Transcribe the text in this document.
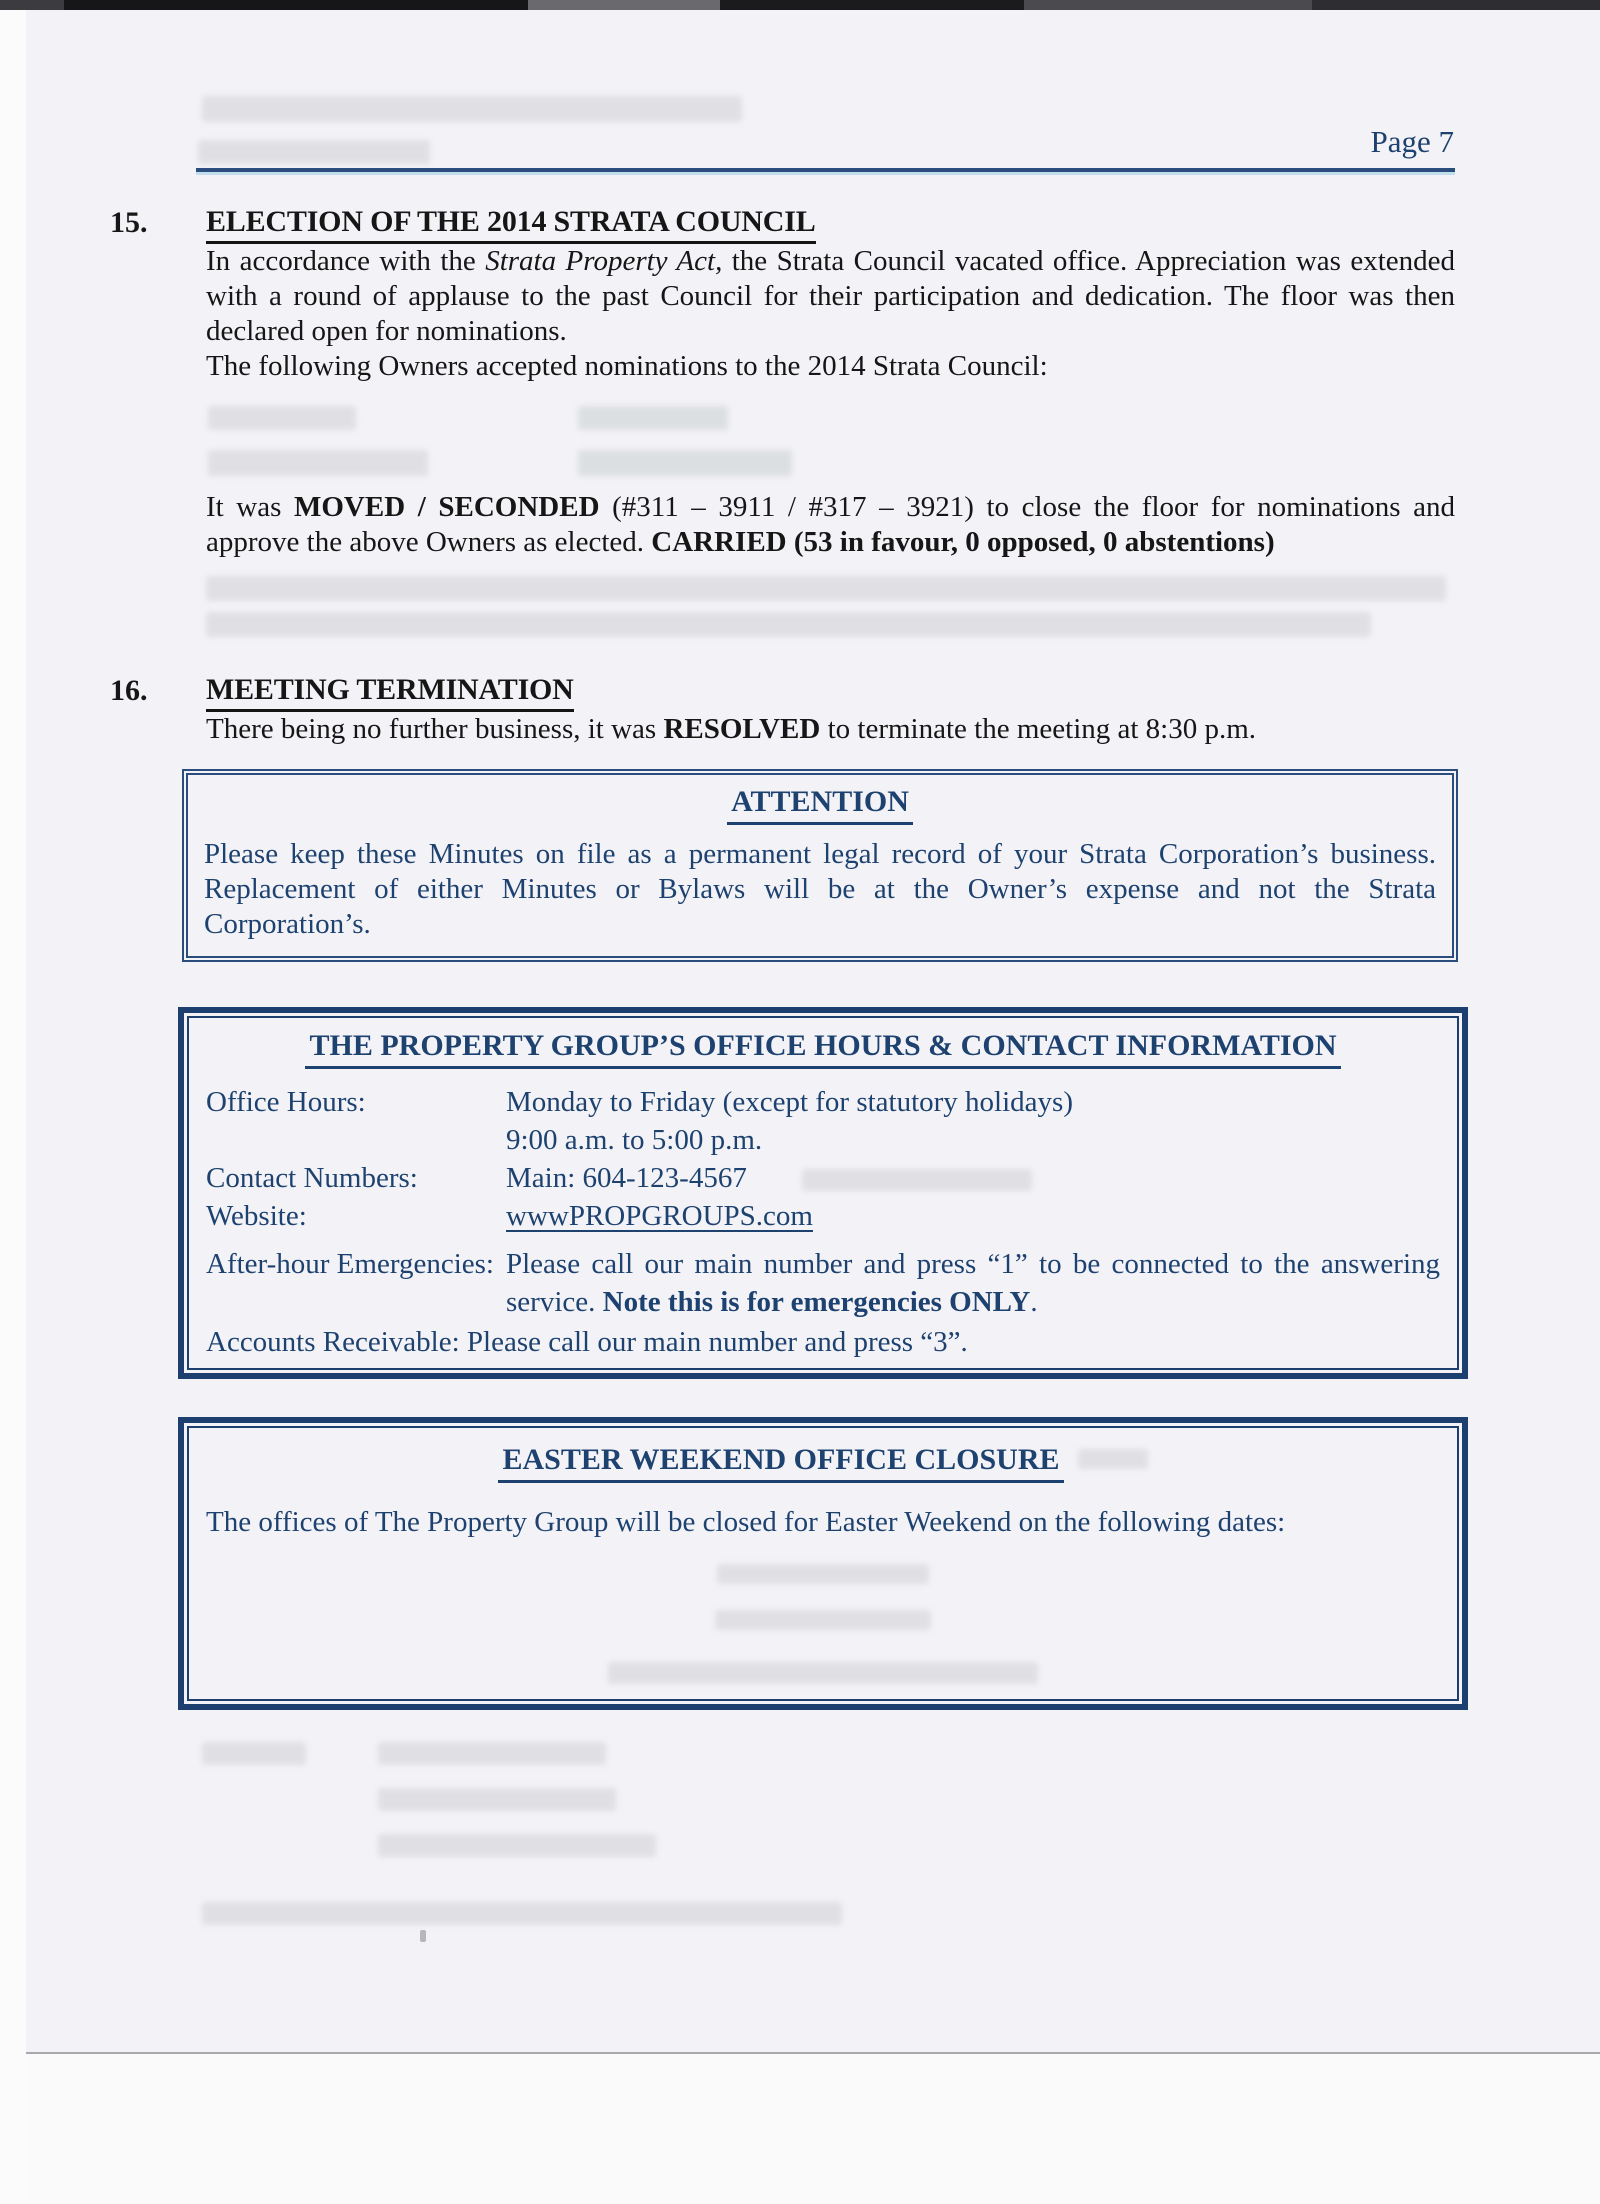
Page 7
15.	ELECTION OF THE 2014 STRATA COUNCIL

In accordance with the Strata Property Act, the Strata Council vacated office. Appreciation was extended with a round of applause to the past Council for their participation and dedication. The floor was then declared open for nominations.

The following Owners accepted nominations to the 2014 Strata Council:

It was MOVED / SECONDED (#311 – 3911 / #317 – 3921) to close the floor for nominations and approve the above Owners as elected. CARRIED (53 in favour, 0 opposed, 0 abstentions)

16.	MEETING TERMINATION

There being no further business, it was RESOLVED to terminate the meeting at 8:30 p.m.

ATTENTION

Please keep these Minutes on file as a permanent legal record of your Strata Corporation’s business. Replacement of either Minutes or Bylaws will be at the Owner’s expense and not the Strata Corporation’s.

THE PROPERTY GROUP’S OFFICE HOURS & CONTACT INFORMATION
Office Hours:	Monday to Friday (except for statutory holidays)
9:00 a.m. to 5:00 p.m.
Contact Numbers:	Main: 604-123-4567
Website:	wwwPROPGROUPS.com
After-hour Emergencies: Please call our main number and press “1” to be connected to the answering service. Note this is for emergencies ONLY.
Accounts Receivable: Please call our main number and press “3”.
EASTER WEEKEND OFFICE CLOSURE

The offices of The Property Group will be closed for Easter Weekend on the following dates:
